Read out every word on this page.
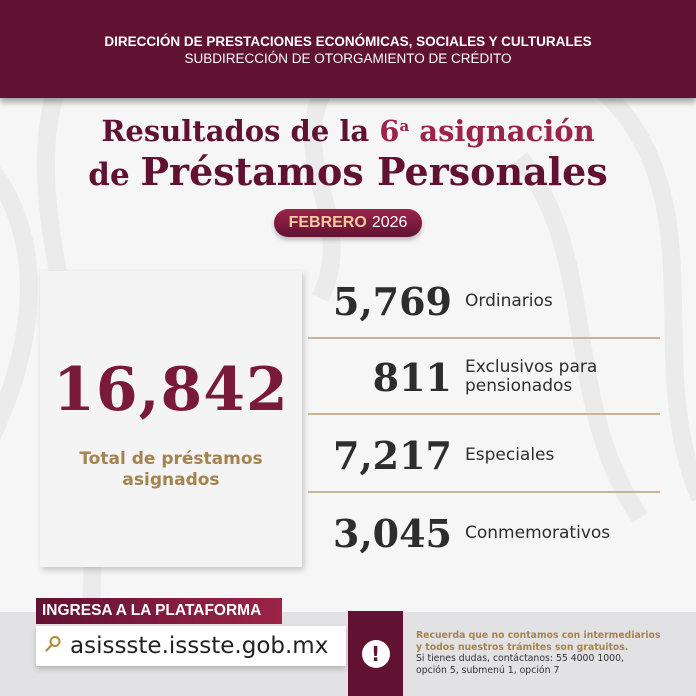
DIRECCIÓN DE PRESTACIONES ECONÓMICAS, SOCIALES Y CULTURALES
SUBDIRECCIÓN DE OTORGAMIENTO DE CRÉDITO
Resultados de la 6$^a$ asignación
de Préstamos Personales
FEBRERO 2026
16,842
Total de préstamos
asignados
5,769 Ordinarios
811 Exclusivos para
pensionados
7,217 Especiales
3,045 Conmemorativos
INGRESA A LA PLATAFORMA
asissste.issste.gob.mx	!
Recuerda que no contamos con intermediarios
y todos nuestros trámites son gratuitos.
Si tienes dudas, contáctanos: 55 4000 1000,
opción 5, submenú 1, opción 7
